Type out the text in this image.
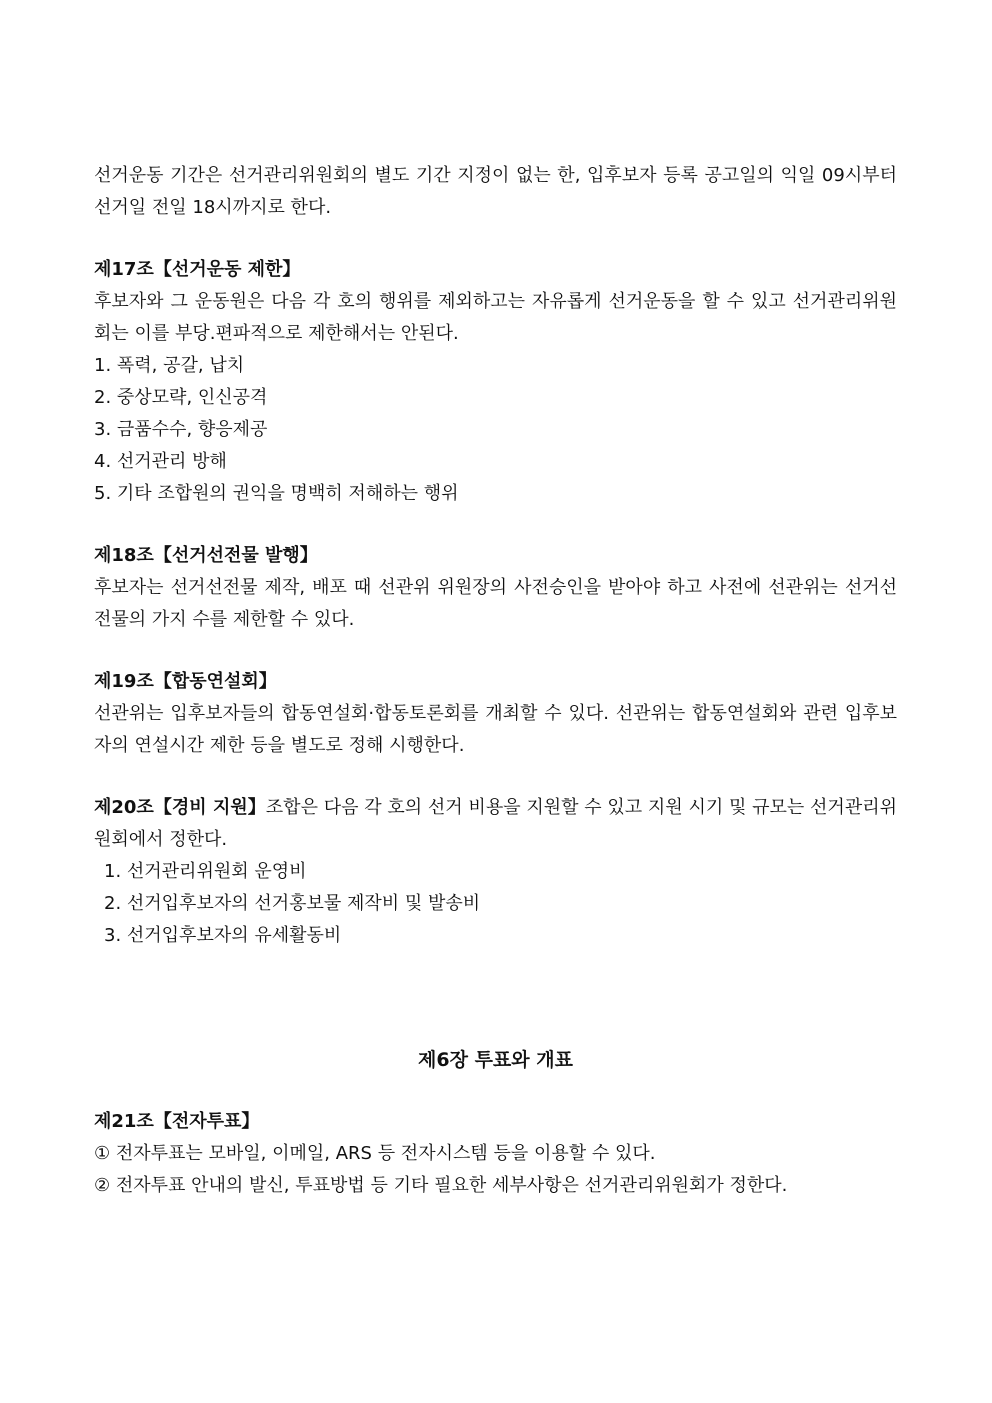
선거운동 기간은 선거관리위원회의 별도 기간 지정이 없는 한, 입후보자 등록 공고일의 익일 09시부터 선거일 전일 18시까지로 한다.

제17조【선거운동 제한】

후보자와 그 운동원은 다음 각 호의 행위를 제외하고는 자유롭게 선거운동을 할 수 있고 선거관리위원회는 이를 부당.편파적으로 제한해서는 안된다.

1. 폭력, 공갈, 납치

2. 중상모략, 인신공격

3. 금품수수, 향응제공

4. 선거관리 방해

5. 기타 조합원의 권익을 명백히 저해하는 행위

제18조【선거선전물 발행】

후보자는 선거선전물 제작, 배포 때 선관위 위원장의 사전승인을 받아야 하고 사전에 선관위는 선거선전물의 가지 수를 제한할 수 있다.

제19조【합동연설회】

선관위는 입후보자들의 합동연설회·합동토론회를 개최할 수 있다. 선관위는 합동연설회와 관련 입후보자의 연설시간 제한 등을 별도로 정해 시행한다.

제20조【경비 지원】조합은 다음 각 호의 선거 비용을 지원할 수 있고 지원 시기 및 규모는 선거관리위원회에서 정한다.

1. 선거관리위원회 운영비

2. 선거입후보자의 선거홍보물 제작비 및 발송비

3. 선거입후보자의 유세활동비

제6장 투표와 개표

제21조【전자투표】

① 전자투표는 모바일, 이메일, ARS 등 전자시스템 등을 이용할 수 있다.

② 전자투표 안내의 발신, 투표방법 등 기타 필요한 세부사항은 선거관리위원회가 정한다.
